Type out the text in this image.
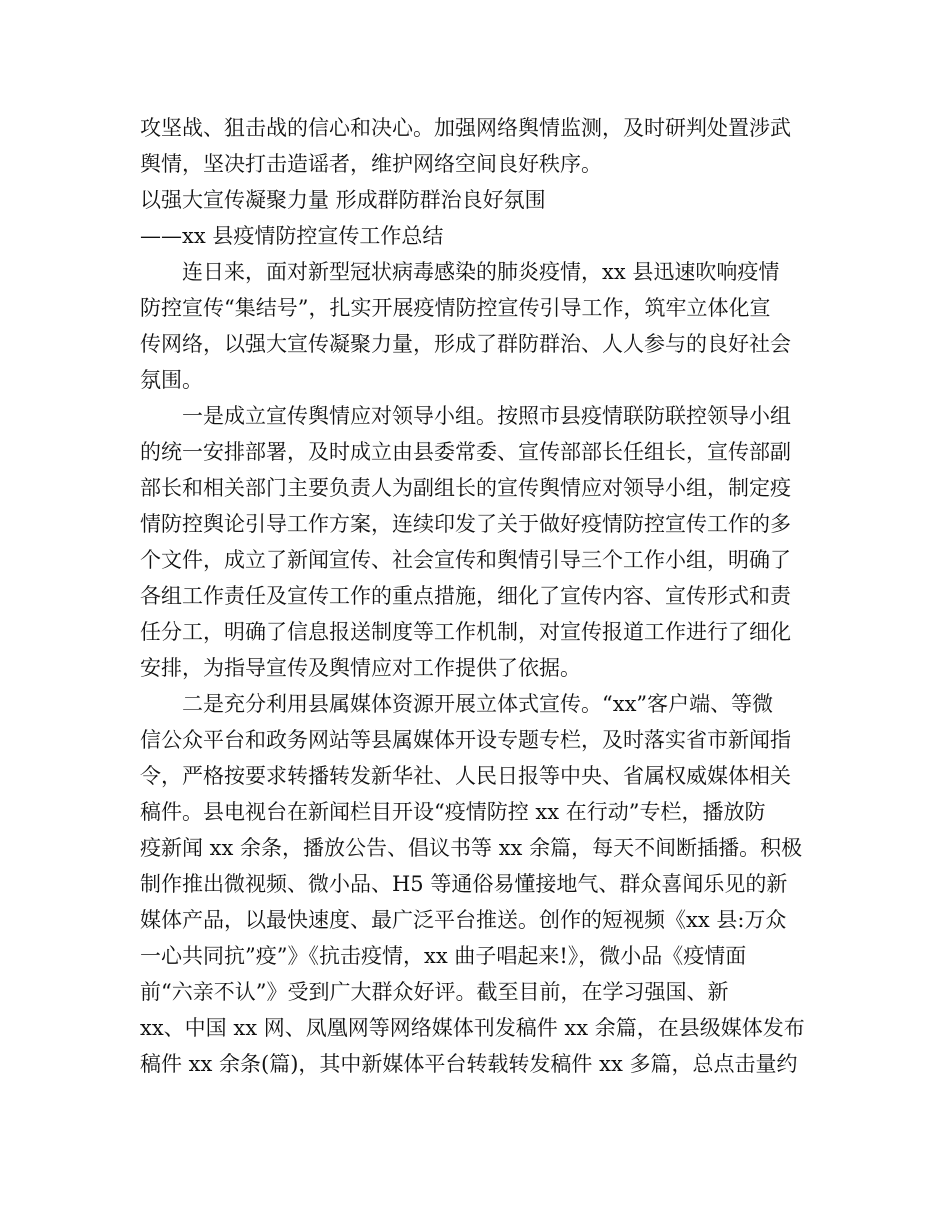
攻坚战、狙击战的信心和决心。加强网络舆情监测，及时研判处置涉武

舆情，坚决打击造谣者，维护网络空间良好秩序。

以强大宣传凝聚力量 形成群防群治良好氛围

——xx 县疫情防控宣传工作总结

连日来，面对新型冠状病毒感染的肺炎疫情，xx 县迅速吹响疫情

防控宣传“集结号”，扎实开展疫情防控宣传引导工作，筑牢立体化宣

传网络，以强大宣传凝聚力量，形成了群防群治、人人参与的良好社会

氛围。

一是成立宣传舆情应对领导小组。按照市县疫情联防联控领导小组

的统一安排部署，及时成立由县委常委、宣传部部长任组长，宣传部副

部长和相关部门主要负责人为副组长的宣传舆情应对领导小组，制定疫

情防控舆论引导工作方案，连续印发了关于做好疫情防控宣传工作的多

个文件，成立了新闻宣传、社会宣传和舆情引导三个工作小组，明确了

各组工作责任及宣传工作的重点措施，细化了宣传内容、宣传形式和责

任分工，明确了信息报送制度等工作机制，对宣传报道工作进行了细化

安排，为指导宣传及舆情应对工作提供了依据。

二是充分利用县属媒体资源开展立体式宣传。“xx”客户端、等微

信公众平台和政务网站等县属媒体开设专题专栏，及时落实省市新闻指

令，严格按要求转播转发新华社、人民日报等中央、省属权威媒体相关

稿件。县电视台在新闻栏目开设“疫情防控 xx 在行动”专栏，播放防

疫新闻 xx 余条，播放公告、倡议书等 xx 余篇，每天不间断插播。积极

制作推出微视频、微小品、H5 等通俗易懂接地气、群众喜闻乐见的新

媒体产品，以最快速度、最广泛平台推送。创作的短视频《xx 县:万众

一心共同抗”疫”》《抗击疫情，xx 曲子唱起来!》，微小品《疫情面

前“六亲不认”》受到广大群众好评。截至目前，在学习强国、新

xx、中国 xx 网、凤凰网等网络媒体刊发稿件 xx 余篇，在县级媒体发布

稿件 xx 余条(篇)，其中新媒体平台转载转发稿件 xx 多篇，总点击量约
